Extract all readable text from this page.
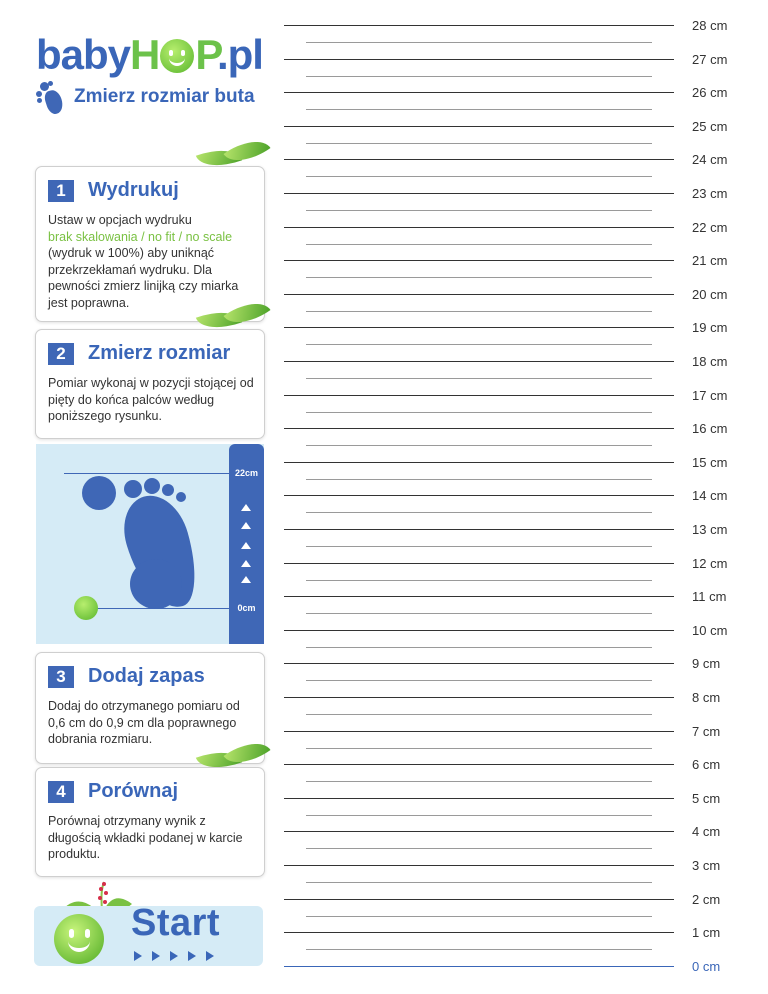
babyH P.pl
Zmierz rozmiar buta
1	Wydrukuj
Ustaw w opcjach wydruku
brak skalowania / no fit / no scale
(wydruk w 100%) aby uniknąć przekrzekłamań wydruku. Dla pewności zmierz linijką czy miarka jest poprawna.
2	Zmierz rozmiar
Pomiar wykonaj w pozycji stojącej od pięty do końca palców według poniższego rysunku.
22cm
0cm
3	Dodaj zapas
Dodaj do otrzymanego pomiaru od 0,6 cm do 0,9 cm dla poprawnego dobrania rozmiaru.
4	Porównaj
Porównaj otrzymany wynik z długością wkładki podanej w karcie produktu.
Start
28 cm
27 cm
26 cm
25 cm
24 cm
23 cm
22 cm
21 cm
20 cm
19 cm
18 cm
17 cm
16 cm
15 cm
14 cm
13 cm
12 cm
11 cm
10 cm
9 cm
8 cm
7 cm
6 cm
5 cm
4 cm
3 cm
2 cm
1 cm
0 cm
